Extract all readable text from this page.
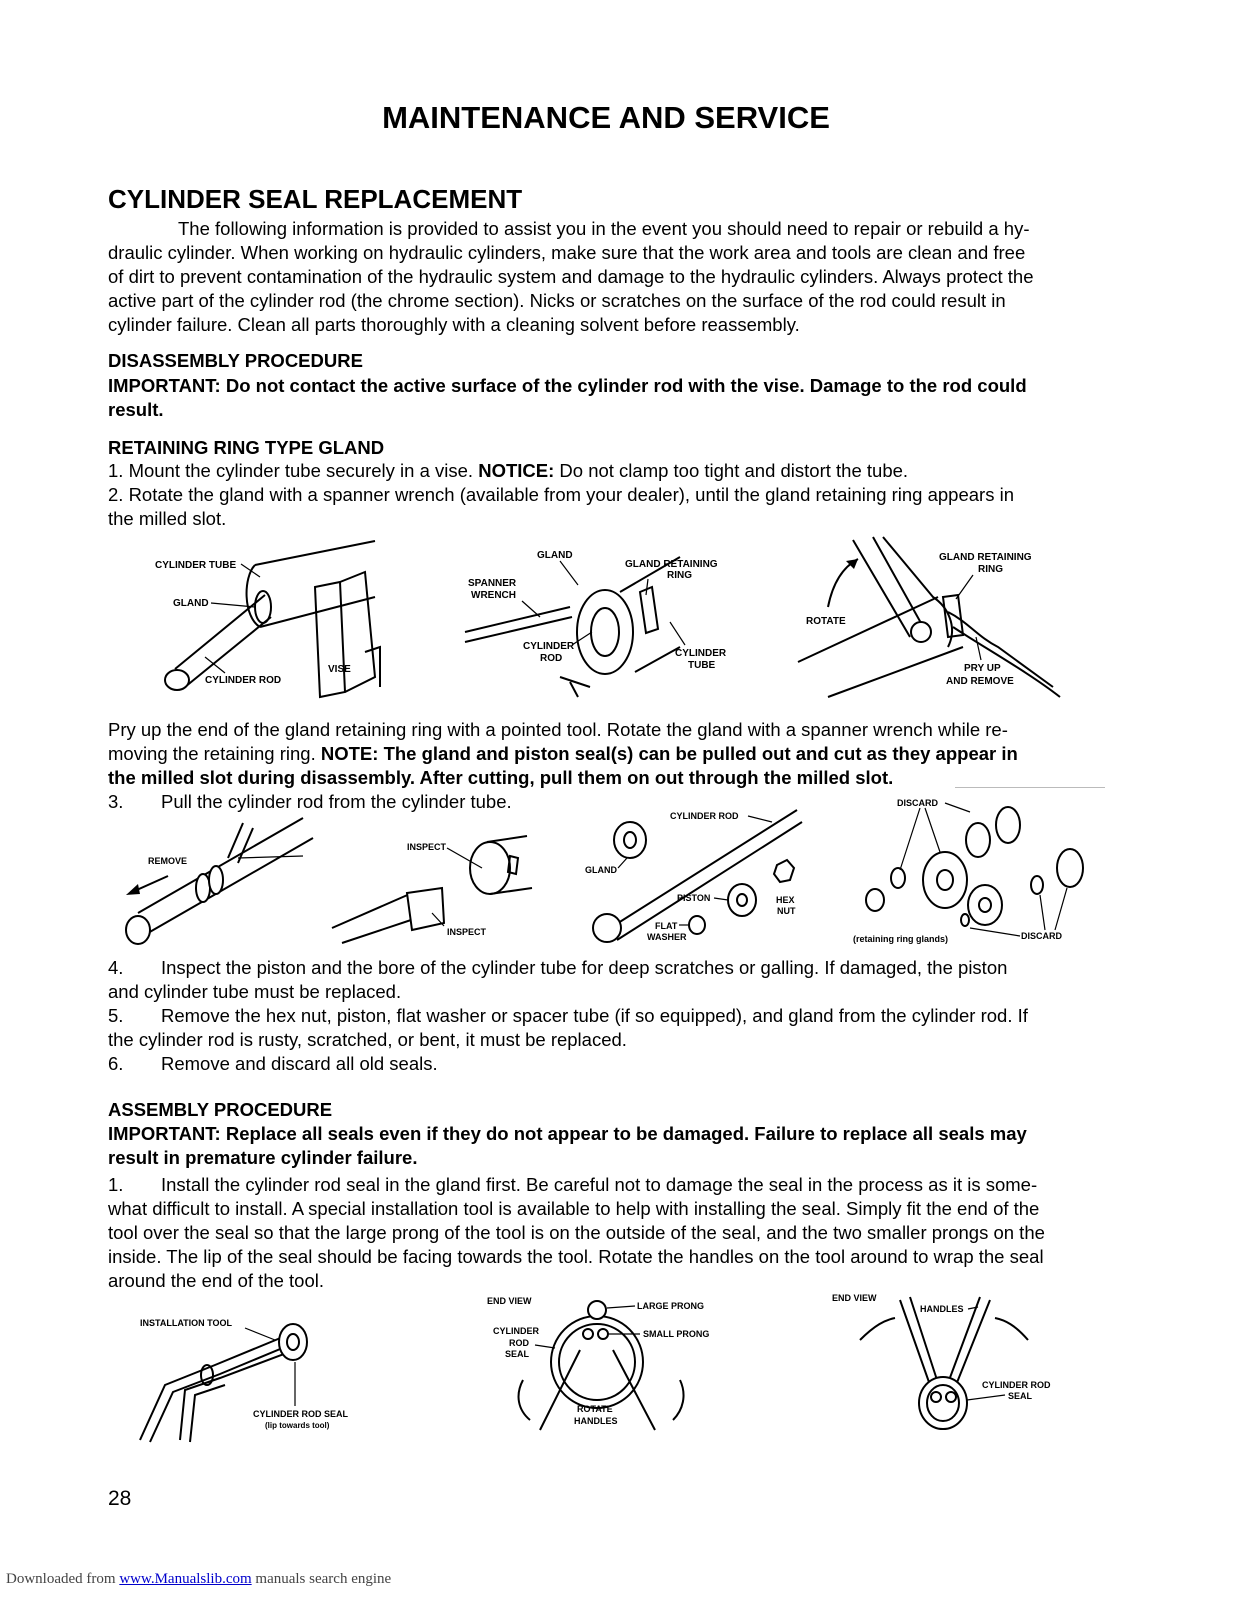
MAINTENANCE AND SERVICE
CYLINDER SEAL REPLACEMENT
The following information is provided to assist you in the event you should need to repair or rebuild a hy-
draulic cylinder. When working on hydraulic cylinders, make sure that the work area and tools are clean and free
of dirt to prevent contamination of the hydraulic system and damage to the hydraulic cylinders. Always protect the
active part of the cylinder rod (the chrome section). Nicks or scratches on the surface of the rod could result in
cylinder failure. Clean all parts thoroughly with a cleaning solvent before reassembly.
DISASSEMBLY PROCEDURE
IMPORTANT: Do not contact the active surface of the cylinder rod with the vise. Damage to the rod could
result.
RETAINING RING TYPE GLAND
1. Mount the cylinder tube securely in a vise. NOTICE: Do not clamp too tight and distort the tube.
2. Rotate the gland with a spanner wrench (available from your dealer), until the gland retaining ring appears in
the milled slot.
CYLINDER TUBE
GLAND
CYLINDER ROD
VISE
GLAND
GLAND RETAINING
RING
SPANNER
WRENCH
CYLINDER
ROD	CYLINDER
TUBE
GLAND RETAINING
RING
ROTATE
PRY UP
AND REMOVE
Pry up the end of the gland retaining ring with a pointed tool. Rotate the gland with a spanner wrench while re-
moving the retaining ring. NOTE: The gland and piston seal(s) can be pulled out and cut as they appear in
the milled slot during disassembly. After cutting, pull them on out through the milled slot.
3. Pull the cylinder rod from the cylinder tube.
REMOVE
INSPECT
INSPECT
CYLINDER ROD
GLAND
PISTON	HEX
NUT
FLAT
WASHER
DISCARD
(retaining ring glands)	DISCARD
4. Inspect the piston and the bore of the cylinder tube for deep scratches or galling. If damaged, the piston
and cylinder tube must be replaced.
5. Remove the hex nut, piston, flat washer or spacer tube (if so equipped), and gland from the cylinder rod. If
the cylinder rod is rusty, scratched, or bent, it must be replaced.
6. Remove and discard all old seals.
ASSEMBLY PROCEDURE
IMPORTANT: Replace all seals even if they do not appear to be damaged. Failure to replace all seals may
result in premature cylinder failure.
1. Install the cylinder rod seal in the gland first. Be careful not to damage the seal in the process as it is some-
what difficult to install. A special installation tool is available to help with installing the seal. Simply fit the end of the
tool over the seal so that the large prong of the tool is on the outside of the seal, and the two smaller prongs on the
inside. The lip of the seal should be facing towards the tool. Rotate the handles on the tool around to wrap the seal
around the end of the tool.
INSTALLATION TOOL
CYLINDER ROD SEAL
(lip towards tool)
END VIEW	LARGE PRONG
CYLINDER
ROD
SEAL
SMALL PRONG
ROTATE
HANDLES
END VIEW
HANDLES
CYLINDER ROD
SEAL
28
Downloaded from www.Manualslib.com manuals search engine
